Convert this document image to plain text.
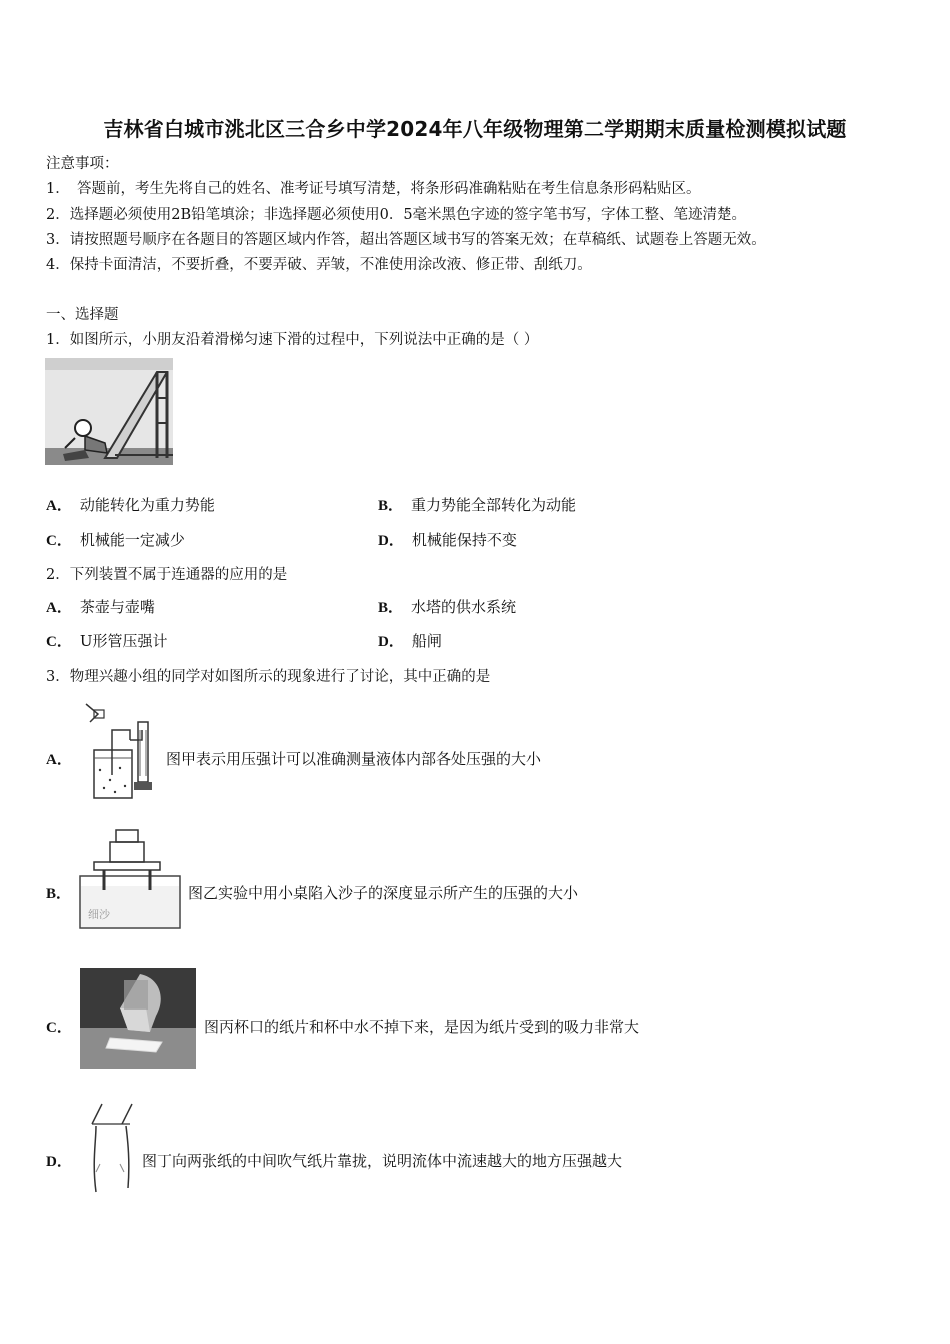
吉林省白城市洮北区三合乡中学2024年八年级物理第二学期期末质量检测模拟试题
注意事项：
1．　答题前，考生先将自己的姓名、准考证号填写清楚，将条形码准确粘贴在考生信息条形码粘贴区。
2．选择题必须使用2B铅笔填涂；非选择题必须使用0．5毫米黑色字迹的签字笔书写，字体工整、笔迹清楚。
3．请按照题号顺序在各题目的答题区域内作答，超出答题区域书写的答案无效；在草稿纸、试题卷上答题无效。
4．保持卡面清洁，不要折叠，不要弄破、弄皱，不准使用涂改液、修正带、刮纸刀。
一、选择题
1．如图所示，小朋友沿着滑梯匀速下滑的过程中，下列说法中正确的是（ ）
A． 动能转化为重力势能	B． 重力势能全部转化为动能
C． 机械能一定减少	D． 机械能保持不变
2．下列装置不属于连通器的应用的是
A． 茶壶与壶嘴	B． 水塔的供水系统
C． U形管压强计	D． 船闸
3．物理兴趣小组的同学对如图所示的现象进行了讨论，其中正确的是
A．	图甲表示用压强计可以准确测量液体内部各处压强的大小
B．
细沙
图乙实验中用小桌陷入沙子的深度显示所产生的压强的大小
C．	图丙杯口的纸片和杯中水不掉下来，是因为纸片受到的吸力非常大
D．	图丁向两张纸的中间吹气纸片靠拢，说明流体中流速越大的地方压强越大
